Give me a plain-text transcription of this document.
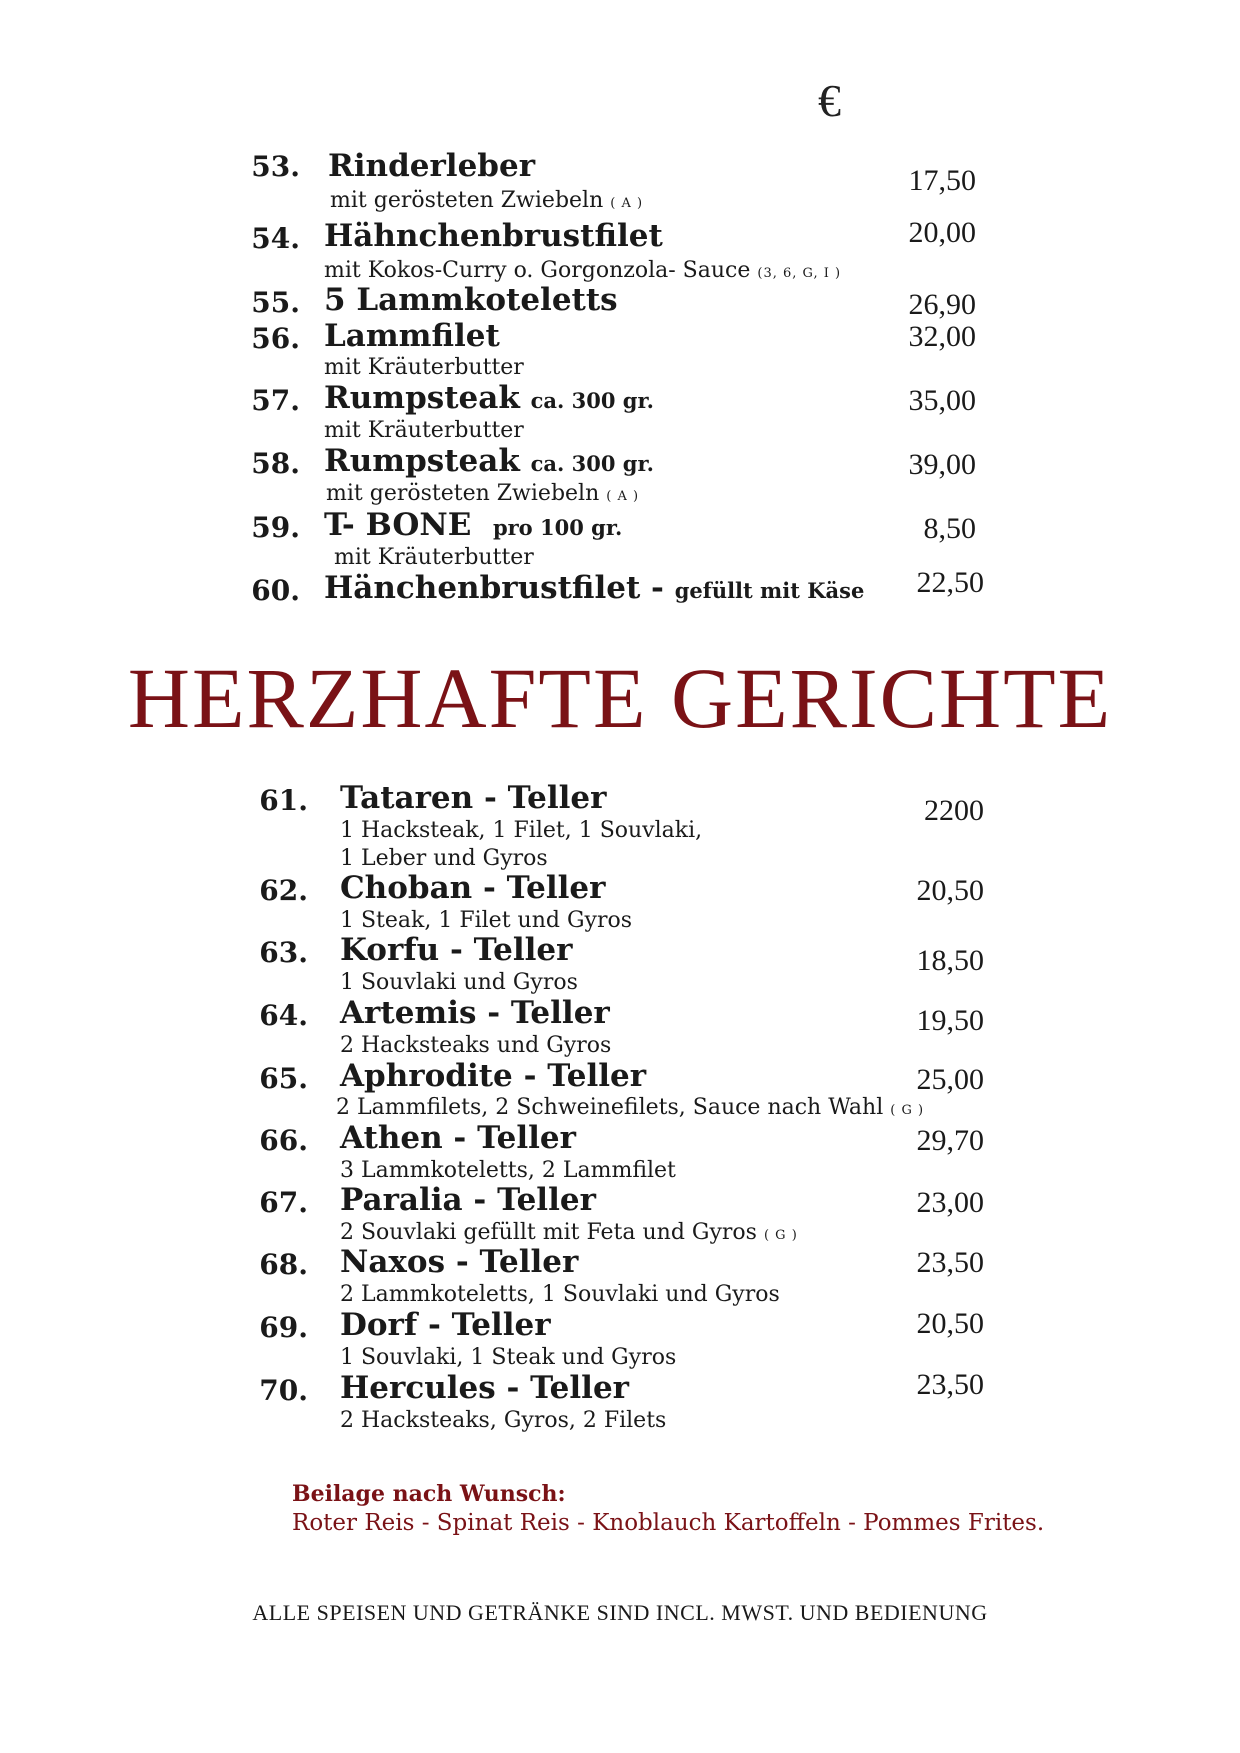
€
53. Rinderleber
mit gerösteten Zwiebeln ( A )
17,50
54. Hähnchenbrustfilet
mit Kokos-Curry o. Gorgonzola- Sauce (3, 6, G, I )
20,00
55. 5 Lammkoteletts	26,90
56. Lammfilet
mit Kräuterbutter
32,00
57. Rumpsteak ca. 300 gr.
mit Kräuterbutter
35,00
58. Rumpsteak ca. 300 gr.
mit gerösteten Zwiebeln ( A )
39,00
59. T- BONE pro 100 gr.
mit Kräuterbutter
8,50
60. Hänchenbrustfilet - gefüllt mit Käse	22,50
HERZHAFTE GERICHTE
61. Tataren - Teller
1 Hacksteak, 1 Filet, 1 Souvlaki,
1 Leber und Gyros
2200
62. Choban - Teller
1 Steak, 1 Filet und Gyros
20,50
63. Korfu - Teller
1 Souvlaki und Gyros
18,50
64. Artemis - Teller
2 Hacksteaks und Gyros
19,50
65. Aphrodite - Teller
2 Lammfilets, 2 Schweinefilets, Sauce nach Wahl ( G )
25,00
66. Athen - Teller
3 Lammkoteletts, 2 Lammfilet
29,70
67. Paralia - Teller
2 Souvlaki gefüllt mit Feta und Gyros ( G )
23,00
68. Naxos - Teller
2 Lammkoteletts, 1 Souvlaki und Gyros
23,50
69. Dorf - Teller
1 Souvlaki, 1 Steak und Gyros
20,50
70. Hercules - Teller
2 Hacksteaks, Gyros, 2 Filets
23,50
Beilage nach Wunsch:
Roter Reis - Spinat Reis - Knoblauch Kartoffeln - Pommes Frites.
ALLE SPEISEN UND GETRÄNKE SIND INCL. MWST. UND BEDIENUNG
